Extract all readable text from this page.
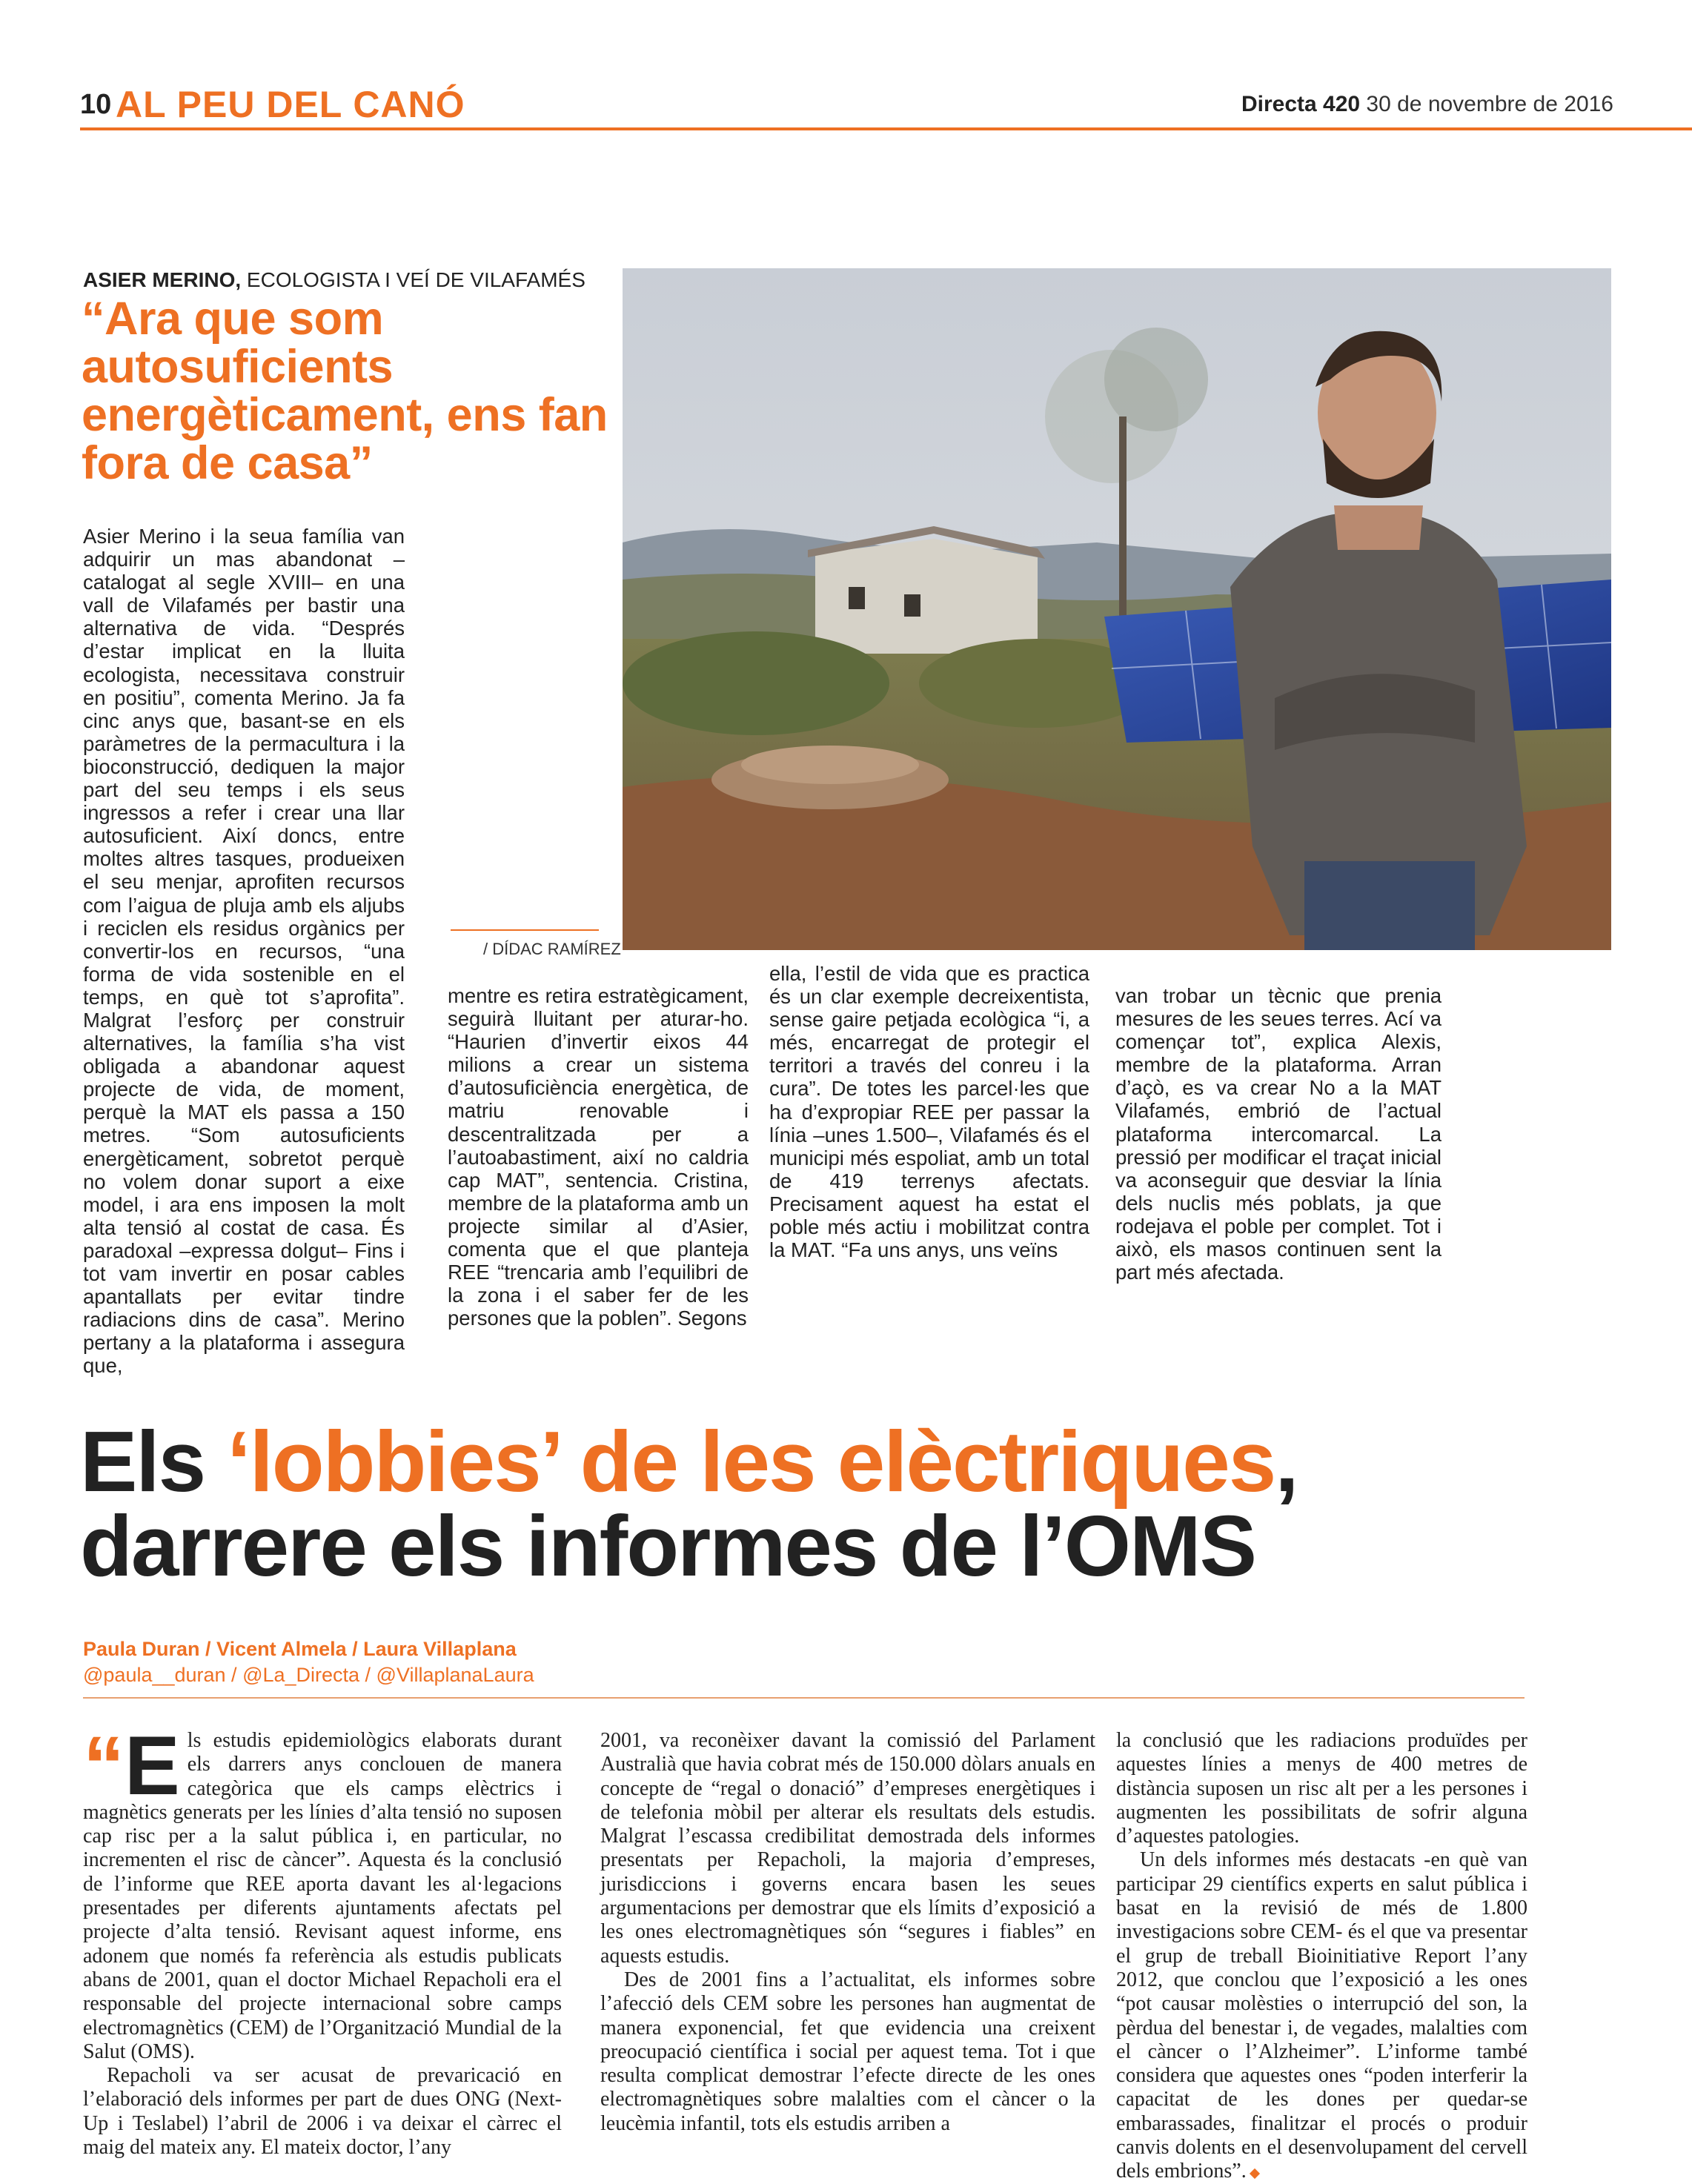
10 AL PEU DEL CANÓ	Directa 420 30 de novembre de 2016
ASIER MERINO, ECOLOGISTA I VEÍ DE VILAFAMÉS
“Ara que som autosuficients energèticament, ens fan fora de casa”
Asier Merino i la seua família van adquirir un mas abandonat –catalogat al segle XVIII– en una vall de Vilafamés per bastir una alternativa de vida. “Després d’estar implicat en la lluita ecologista, necessitava construir en positiu”, comenta Merino. Ja fa cinc anys que, basant-se en els paràmetres de la permacultura i la bioconstrucció, dediquen la major part del seu temps i els seus ingressos a refer i crear una llar autosuficient. Així doncs, entre moltes altres tasques, produeixen el seu menjar, aprofiten recursos com l’aigua de pluja amb els aljubs i reciclen els residus orgànics per convertir-los en recursos, “una forma de vida sostenible en el temps, en què tot s’aprofita”. Malgrat l’esforç per construir alternatives, la família s’ha vist obligada a abandonar aquest projecte de vida, de moment, perquè la MAT els passa a 150 metres. “Som autosuficients energèticament, sobretot perquè no volem donar suport a eixe model, i ara ens imposen la molt alta tensió al costat de casa. És paradoxal –expressa dolgut– Fins i tot vam invertir en posar cables apantallats per evitar tindre radiacions dins de casa”. Merino pertany a la plataforma i assegura que,
mentre es retira estratègicament, seguirà lluitant per aturar-ho. “Haurien d’invertir eixos 44 milions a crear un sistema d’autosuficiència energètica, de matriu renovable i descentralitzada per a l’autoabastiment, així no caldria cap MAT”, sentencia. Cristina, membre de la plataforma amb un projecte similar al d’Asier, comenta que el que planteja REE “trencaria amb l’equilibri de la zona i el saber fer de les persones que la poblen”. Segons
ella, l’estil de vida que es practica és un clar exemple decreixentista, sense gaire petjada ecològica “i, a més, encarregat de protegir el territori a través del conreu i la cura”. De totes les parcel·les que ha d’expropiar REE per passar la línia –unes 1.500–, Vilafamés és el municipi més espoliat, amb un total de 419 terrenys afectats. Precisament aquest ha estat el poble més actiu i mobilitzat contra la MAT. “Fa uns anys, uns veïns
van trobar un tècnic que prenia mesures de les seues terres. Ací va començar tot”, explica Alexis, membre de la plataforma. Arran d’açò, es va crear No a la MAT Vilafamés, embrió de l’actual plataforma intercomarcal. La pressió per modificar el traçat inicial va aconseguir que desviar la línia dels nuclis més poblats, ja que rodejava el poble per complet. Tot i això, els masos continuen sent la part més afectada.
/ DÍDAC RAMÍREZ
Els ‘lobbies’ de les elèctriques,
darrere els informes de l’OMS
Paula Duran / Vicent Almela / Laura Villaplana
@paula__duran / @La_Directa / @VillaplanaLaura
“E ls estudis epidemiològics elaborats durant els darrers anys conclouen de manera categòrica que els camps elèctrics i magnètics generats per les línies d’alta tensió no suposen cap risc per a la salut pública i, en particular, no incrementen el risc de càncer”. Aquesta és la conclusió de l’informe que REE aporta davant les al·legacions presentades per diferents ajuntaments afectats pel projecte d’alta tensió. Revisant aquest informe, ens adonem que només fa referència als estudis publicats abans de 2001, quan el doctor Michael Repacholi era el responsable del projecte internacional sobre camps electromagnètics (CEM) de l’Organització Mundial de la Salut (OMS).

Repacholi va ser acusat de prevaricació en l’elaboració dels informes per part de dues ONG (Next-Up i Teslabel) l’abril de 2006 i va deixar el càrrec el maig del mateix any. El mateix doctor, l’any

2001, va reconèixer davant la comissió del Parlament Australià que havia cobrat més de 150.000 dòlars anuals en concepte de “regal o donació” d’empreses energètiques i de telefonia mòbil per alterar els resultats dels estudis. Malgrat l’escassa credibilitat demostrada dels informes presentats per Repacholi, la majoria d’empreses, jurisdiccions i governs encara basen les seues argumentacions per demostrar que els límits d’exposició a les ones electromagnètiques són “segures i fiables” en aquests estudis.

Des de 2001 fins a l’actualitat, els informes sobre l’afecció dels CEM sobre les persones han augmentat de manera exponencial, fet que evidencia una creixent preocupació científica i social per aquest tema. Tot i que resulta complicat demostrar l’efecte directe de les ones electromagnètiques sobre malalties com el càncer o la leucèmia infantil, tots els estudis arriben a

la conclusió que les radiacions produïdes per aquestes línies a menys de 400 metres de distància suposen un risc alt per a les persones i augmenten les possibilitats de sofrir alguna d’aquestes patologies.

Un dels informes més destacats -en què van participar 29 científics experts en salut pública i basat en la revisió de més de 1.800 investigacions sobre CEM- és el que va presentar el grup de treball Bioinitiative Report l’any 2012, que conclou que l’exposició a les ones “pot causar molèsties o interrupció del son, la pèrdua del benestar i, de vegades, malalties com el càncer o l’Alzheimer”. L’informe també considera que aquestes ones “poden interferir la capacitat de les dones per quedar-se embarassades, finalitzar el procés o produir canvis dolents en el desenvolupament del cervell dels embrions”.
